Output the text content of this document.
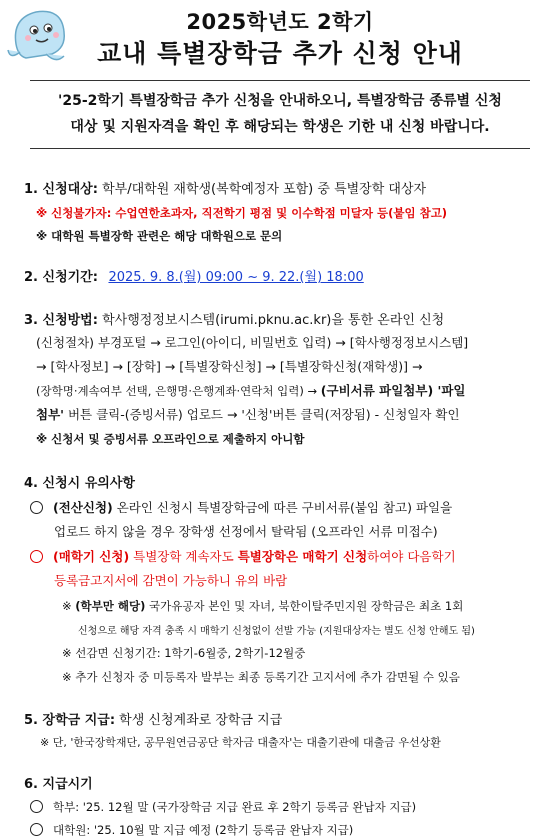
2025학년도 2학기
교내 특별장학금 추가 신청 안내
'25-2학기 특별장학금 추가 신청을 안내하오니, 특별장학금 종류별 신청
대상 및 지원자격을 확인 후 해당되는 학생은 기한 내 신청 바랍니다.
1. 신청대상: 학부/대학원 재학생(복학예정자 포함) 중 특별장학 대상자
※ 신청불가자: 수업연한초과자, 직전학기 평점 및 이수학점 미달자 등(붙임 참고)
※ 대학원 특별장학 관련은 해당 대학원으로 문의
2. 신청기간: 2025. 9. 8.(월) 09:00 ~ 9. 22.(월) 18:00
3. 신청방법: 학사행정정보시스템(irumi.pknu.ac.kr)을 통한 온라인 신청
(신청절차) 부경포털 → 로그인(아이디, 비밀번호 입력) → [학사행정정보시스템]
→ [학사정보] → [장학] → [특별장학신청] → [특별장학신청(재학생)] →
(장학명·계속여부 선택, 은행명·은행계좌·연락처 입력) → (구비서류 파일첨부) '파일
첨부' 버튼 클릭-(증빙서류) 업로드 → '신청'버튼 클릭(저장됨) - 신청일자 확인
※ 신청서 및 증빙서류 오프라인으로 제출하지 아니함
4. 신청시 유의사항
(전산신청) 온라인 신청시 특별장학금에 따른 구비서류(붙임 참고) 파일을
업로드 하지 않을 경우 장학생 선정에서 탈락됨 (오프라인 서류 미접수)
(매학기 신청) 특별장학 계속자도 특별장학은 매학기 신청하여야 다음학기
등록금고지서에 감면이 가능하니 유의 바람
※ (학부만 해당) 국가유공자 본인 및 자녀, 북한이탈주민지원 장학금은 최초 1회
신청으로 해당 자격 충족 시 매학기 신청없이 선발 가능 (지원대상자는 별도 신청 안해도 됨)
※ 선감면 신청기간: 1학기-6월중, 2학기-12월중
※ 추가 신청자 중 미등록자 발부는 최종 등록기간 고지서에 추가 감면될 수 있음
5. 장학금 지급: 학생 신청계좌로 장학금 지급
※ 단, '한국장학재단, 공무원연금공단 학자금 대출자'는 대출기관에 대출금 우선상환
6. 지급시기
학부: '25. 12월 말 (국가장학금 지급 완료 후 2학기 등록금 완납자 지급)
대학원: '25. 10월 말 지급 예정 (2학기 등록금 완납자 지급)
